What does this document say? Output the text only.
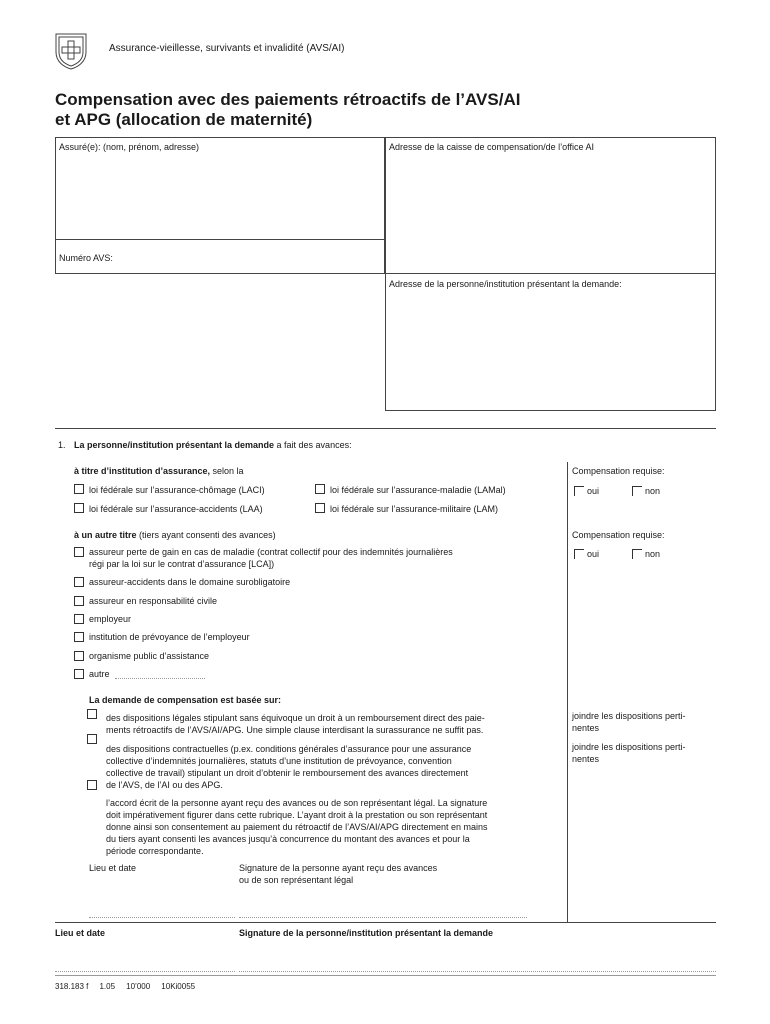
Assurance-vieillesse, survivants et invalidité (AVS/AI)
Compensation avec des paiements rétroactifs de l’AVS/AI
et APG (allocation de maternité)
Assuré(e): (nom, prénom, adresse)
Numéro AVS:
Adresse de la caisse de compensation/de l’office AI
Adresse de la personne/institution présentant la demande:
1. La personne/institution présentant la demande a fait des avances:
à titre d’institution d’assurance, selon la
loi fédérale sur l’assurance-chômage (LACI)	loi fédérale sur l’assurance-maladie (LAMal)
loi fédérale sur l’assurance-accidents (LAA)	loi fédérale sur l’assurance-militaire (LAM)
Compensation requise:
oui	non
à un autre titre (tiers ayant consenti des avances)	Compensation requise:
oui	non
assureur perte de gain en cas de maladie (contrat collectif pour des indemnités journalières
régi par la loi sur le contrat d’assurance [LCA])
assureur-accidents dans le domaine surobligatoire
assureur en responsabilité civile
employeur
institution de prévoyance de l’employeur
organisme public d’assistance
autre
La demande de compensation est basée sur:
des dispositions légales stipulant sans équivoque un droit à un remboursement direct des paie-
ments rétroactifs de l’AVS/AI/APG. Une simple clause interdisant la surassurance ne suffit pas.
des dispositions contractuelles (p.ex. conditions générales d’assurance pour une assurance
collective d’indemnités journalières, statuts d’une institution de prévoyance, convention
collective de travail) stipulant un droit d’obtenir le remboursement des avances directement
de l’AVS, de l’AI ou des APG.
l’accord écrit de la personne ayant reçu des avances ou de son représentant légal. La signature
doit impérativement figurer dans cette rubrique. L’ayant droit à la prestation ou son représentant
donne ainsi son consentement au paiement du rétroactif de l’AVS/AI/APG directement en mains
du tiers ayant consenti les avances jusqu’à concurrence du montant des avances et pour la
période correspondante.
joindre les dispositions perti-
nentes
joindre les dispositions perti-
nentes
Lieu et date	Signature de la personne ayant reçu des avances
ou de son représentant légal
Lieu et date	Signature de la personne/institution présentant la demande
318.183 f     1.05     10’000     10Ki0055
